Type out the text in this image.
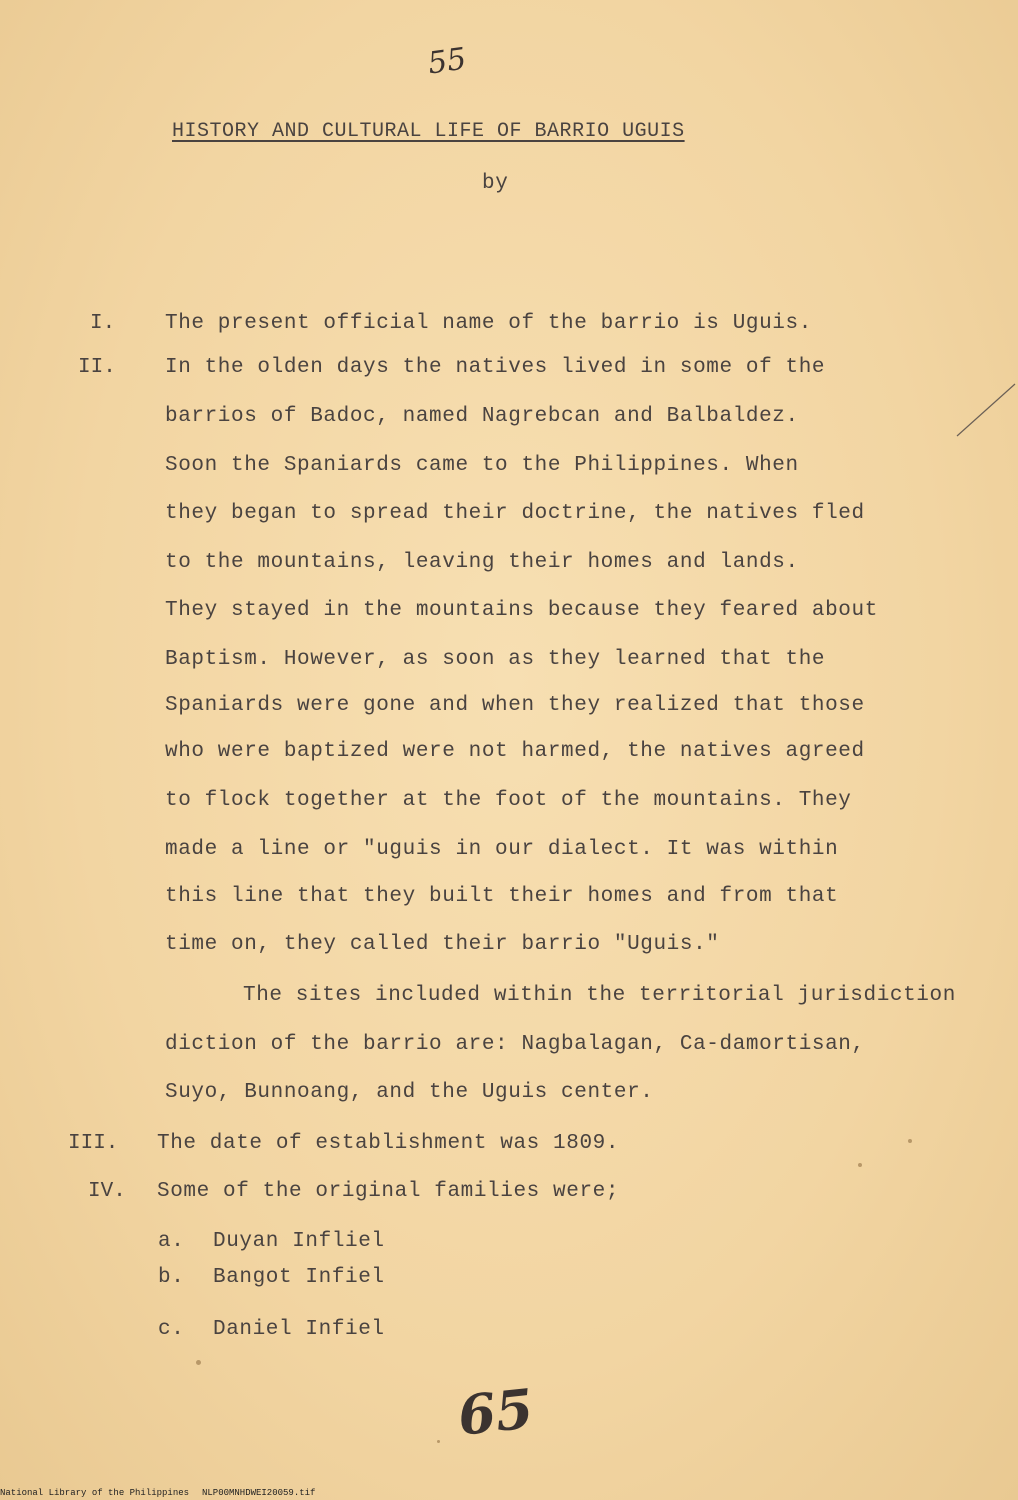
55
HISTORY AND CULTURAL LIFE OF BARRIO UGUIS
by
I. The present official name of the barrio is Uguis.
II. In the olden days the natives lived in some of the
barrios of Badoc, named Nagrebcan and Balbaldez.
Soon the Spaniards came to the Philippines. When
they began to spread their doctrine, the natives fled
to the mountains, leaving their homes and lands.
They stayed in the mountains because they feared about
Baptism. However, as soon as they learned that the
Spaniards were gone and when they realized that those
who were baptized were not harmed, the natives agreed
to flock together at the foot of the mountains. They
made a line or "uguis in our dialect. It was within
this line that they built their homes and from that
time on, they called their barrio "Uguis."
The sites included within the territorial jurisdiction
diction of the barrio are: Nagbalagan, Ca-damortisan,
Suyo, Bunnoang, and the Uguis center.
III. The date of establishment was 1809.
IV. Some of the original families were;
a. Duyan Infliel
b. Bangot Infiel
c. Daniel Infiel
65
National Library of the Philippines NLP00MNHDWEI20059.tif
